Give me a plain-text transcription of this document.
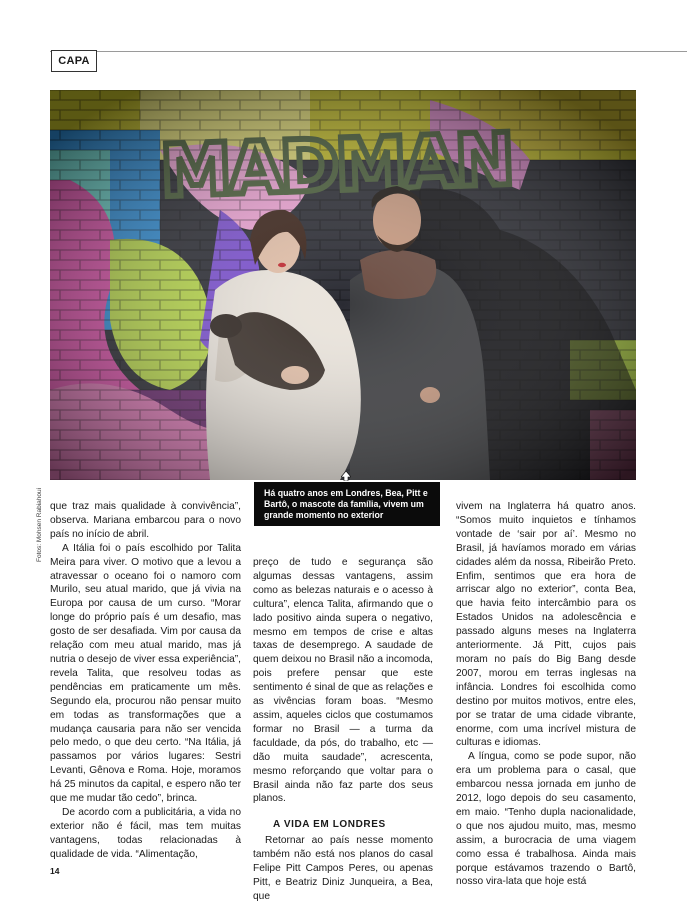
CAPA
Fotos: Mohsen Rabiahoui	Há quatro anos em Londres, Bea, Pitt e Bartô, o mascote da família, vivem um grande momento no exterior

que traz mais qualidade à convivência”, observa. Mariana embarcou para o novo país no início de abril.

A Itália foi o país escolhido por Talita Meira para viver. O motivo que a levou a atravessar o oceano foi o namoro com Murilo, seu atual marido, que já vivia na Europa por causa de um curso. “Morar longe do próprio país é um desafio, mas gosto de ser desafiada. Vim por causa da relação com meu atual marido, mas já nutria o desejo de viver essa experiência”, revela Talita, que resolveu todas as pendências em praticamente um mês. Segundo ela, procurou não pensar muito em todas as transformações que a mudança causaria para não ser vencida pelo medo, o que deu certo. “Na Itália, já passamos por vários lugares: Sestri Levanti, Gênova e Roma. Hoje, moramos há 25 minutos da capital, e espero não ter que me mudar tão cedo”, brinca.

De acordo com a publicitária, a vida no exterior não é fácil, mas tem muitas vantagens, todas relacionadas à qualidade de vida. “Alimentação,

preço de tudo e segurança são algumas dessas vantagens, assim como as belezas naturais e o acesso à cultura”, elenca Talita, afirmando que o lado positivo ainda supera o negativo, mesmo em tempos de crise e altas taxas de desemprego. A saudade de quem deixou no Brasil não a incomoda, pois prefere pensar que este sentimento é sinal de que as relações e as vivências foram boas. “Mesmo assim, aqueles ciclos que costumamos formar no Brasil — a turma da faculdade, da pós, do trabalho, etc — dão muita saudade”, acrescenta, mesmo reforçando que voltar para o Brasil ainda não faz parte dos seus planos.

A VIDA EM LONDRES

Retornar ao país nesse momento também não está nos planos do casal Felipe Pitt Campos Peres, ou apenas Pitt, e Beatriz Diniz Junqueira, a Bea, que

vivem na Inglaterra há quatro anos. “Somos muito inquietos e tínhamos vontade de ‘sair por aí’. Mesmo no Brasil, já havíamos morado em várias cidades além da nossa, Ribeirão Preto. Enfim, sentimos que era hora de arriscar algo no exterior”, conta Bea, que havia feito intercâmbio para os Estados Unidos na adolescência e passado alguns meses na Inglaterra anteriormente. Já Pitt, cujos pais moram no país do Big Bang desde 2007, morou em terras inglesas na infância. Londres foi escolhida como destino por muitos motivos, entre eles, por se tratar de uma cidade vibrante, enorme, com uma incrível mistura de culturas e idiomas.

A língua, como se pode supor, não era um problema para o casal, que embarcou nessa jornada em junho de 2012, logo depois do seu casamento, em maio. “Tenho dupla nacionalidade, o que nos ajudou muito, mas, mesmo assim, a burocracia de uma viagem como essa é trabalhosa. Ainda mais porque estávamos trazendo o Bartô, nosso vira-lata que hoje está

14
